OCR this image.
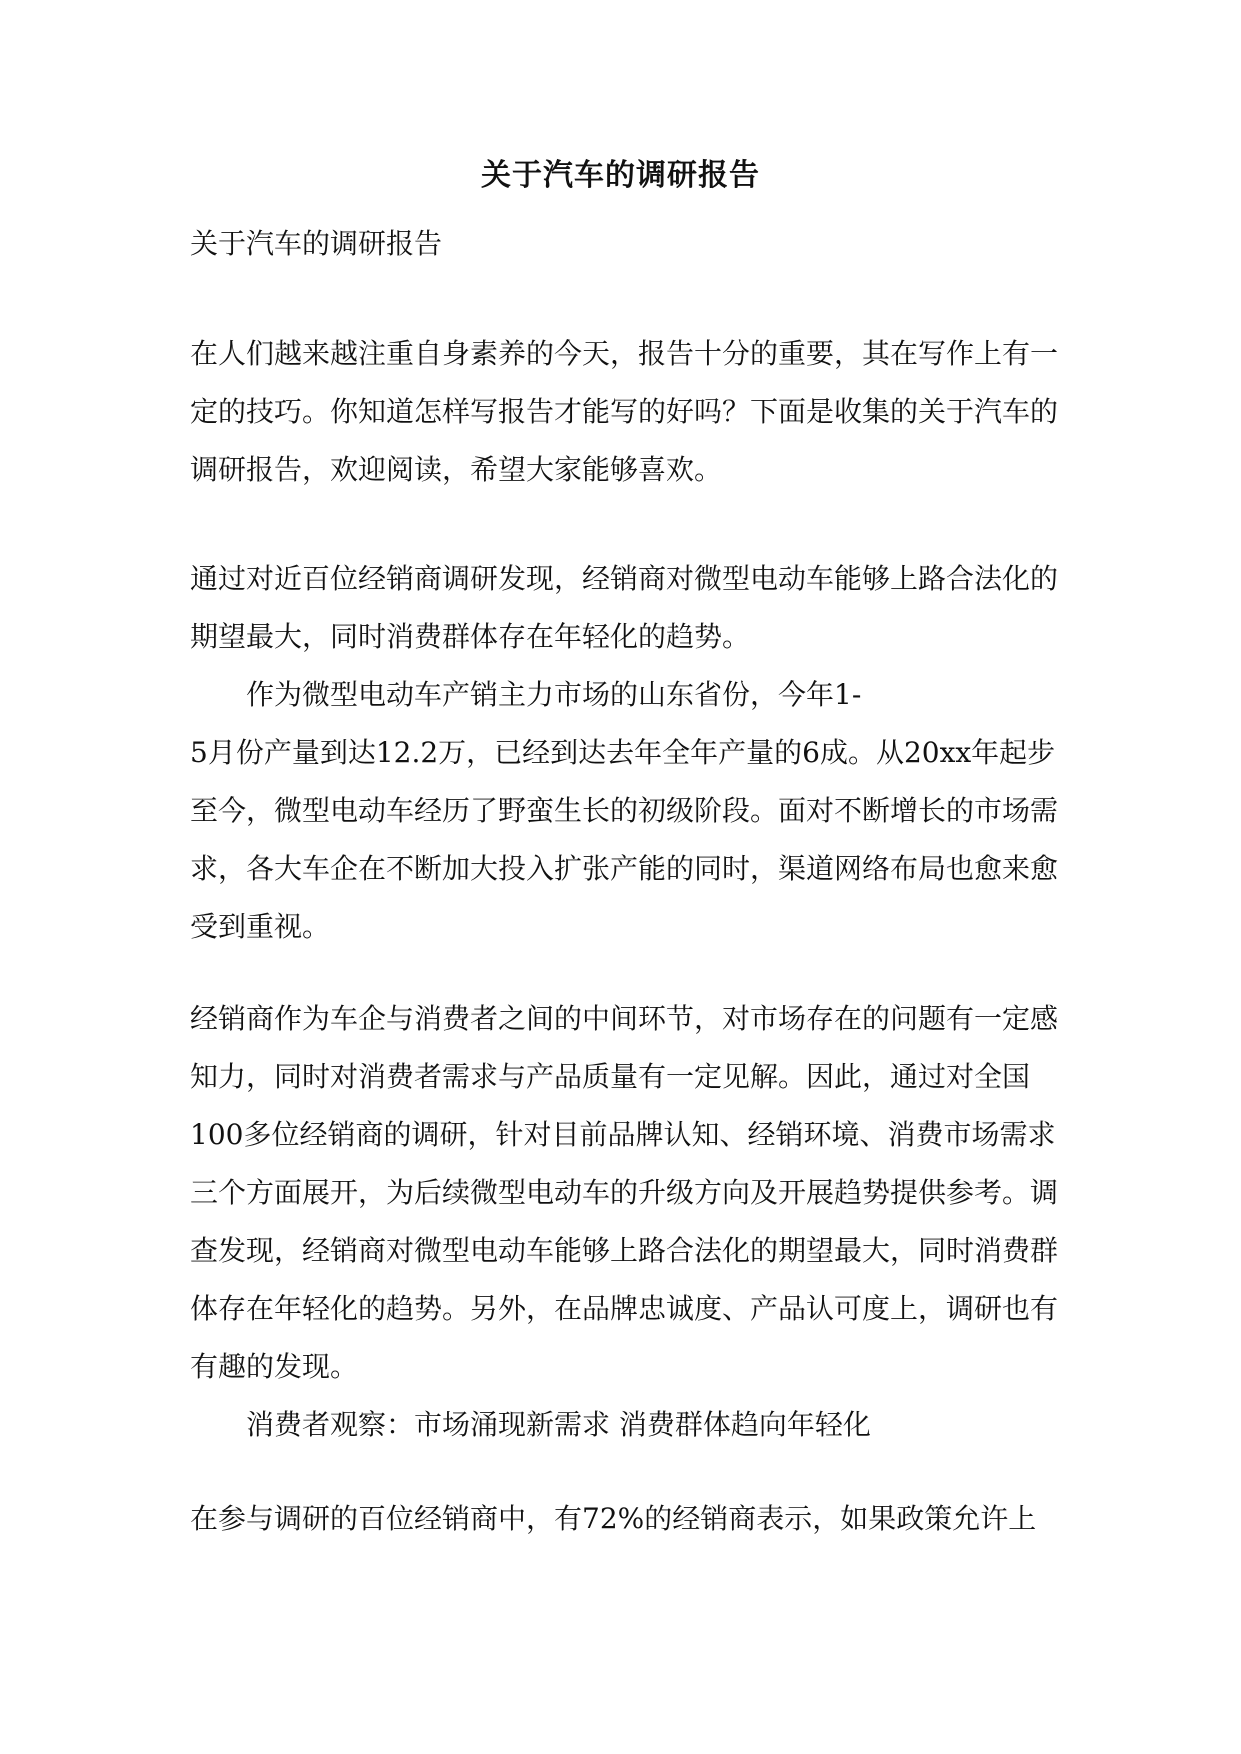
关于汽车的调研报告

关于汽车的调研报告

在人们越来越注重自身素养的今天，报告十分的重要，其在写作上有一定的技巧。你知道怎样写报告才能写的好吗？下面是收集的关于汽车的调研报告，欢迎阅读，希望大家能够喜欢。

通过对近百位经销商调研发现，经销商对微型电动车能够上路合法化的期望最大，同时消费群体存在年轻化的趋势。

作为微型电动车产销主力市场的山东省份，今年1-

5月份产量到达12.2万，已经到达去年全年产量的6成。从20xx年起步至今，微型电动车经历了野蛮生长的初级阶段。面对不断增长的市场需求，各大车企在不断加大投入扩张产能的同时，渠道网络布局也愈来愈受到重视。

经销商作为车企与消费者之间的中间环节，对市场存在的问题有一定感知力，同时对消费者需求与产品质量有一定见解。因此，通过对全国100多位经销商的调研，针对目前品牌认知、经销环境、消费市场需求三个方面展开，为后续微型电动车的升级方向及开展趋势提供参考。调查发现，经销商对微型电动车能够上路合法化的期望最大，同时消费群体存在年轻化的趋势。另外，在品牌忠诚度、产品认可度上，调研也有有趣的发现。

消费者观察：市场涌现新需求 消费群体趋向年轻化

在参与调研的百位经销商中，有72%的经销商表示，如果政策允许上
